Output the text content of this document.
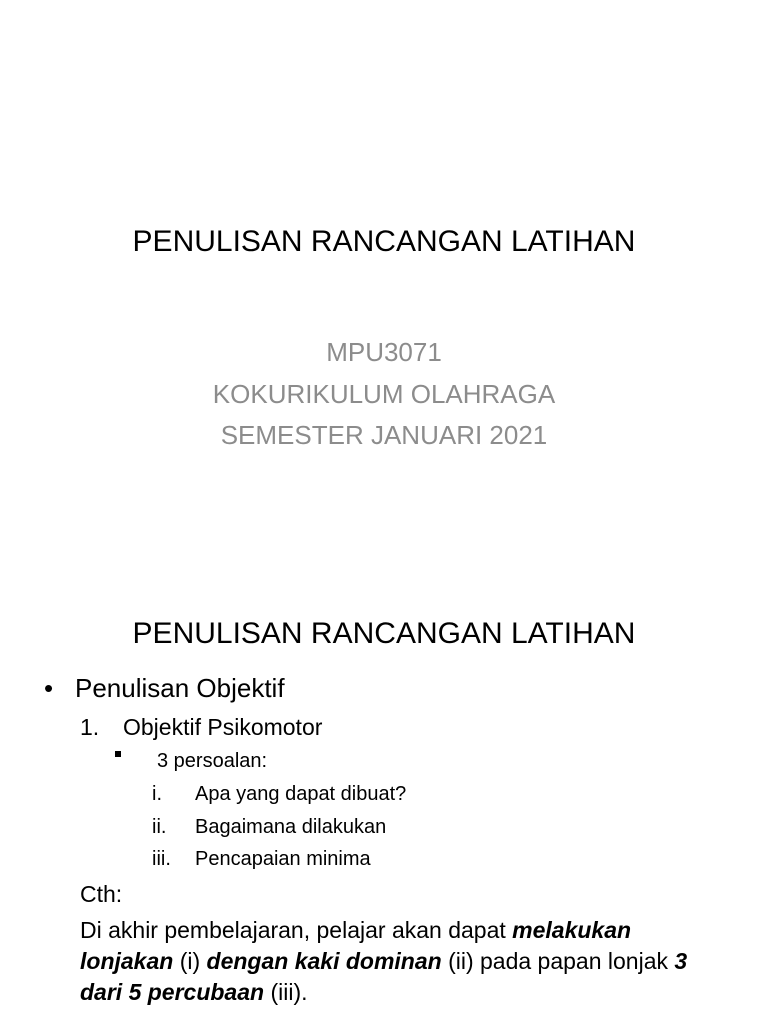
PENULISAN RANCANGAN LATIHAN
MPU3071
KOKURIKULUM OLAHRAGA
SEMESTER JANUARI 2021
PENULISAN RANCANGAN LATIHAN
• Penulisan Objektif
1. Objektif Psikomotor
3 persoalan:
i. Apa yang dapat dibuat?
ii. Bagaimana dilakukan
iii. Pencapaian minima
Cth:
Di akhir pembelajaran, pelajar akan dapat melakukan lonjakan (i) dengan kaki dominan (ii) pada papan lonjak 3 dari 5 percubaan (iii).
